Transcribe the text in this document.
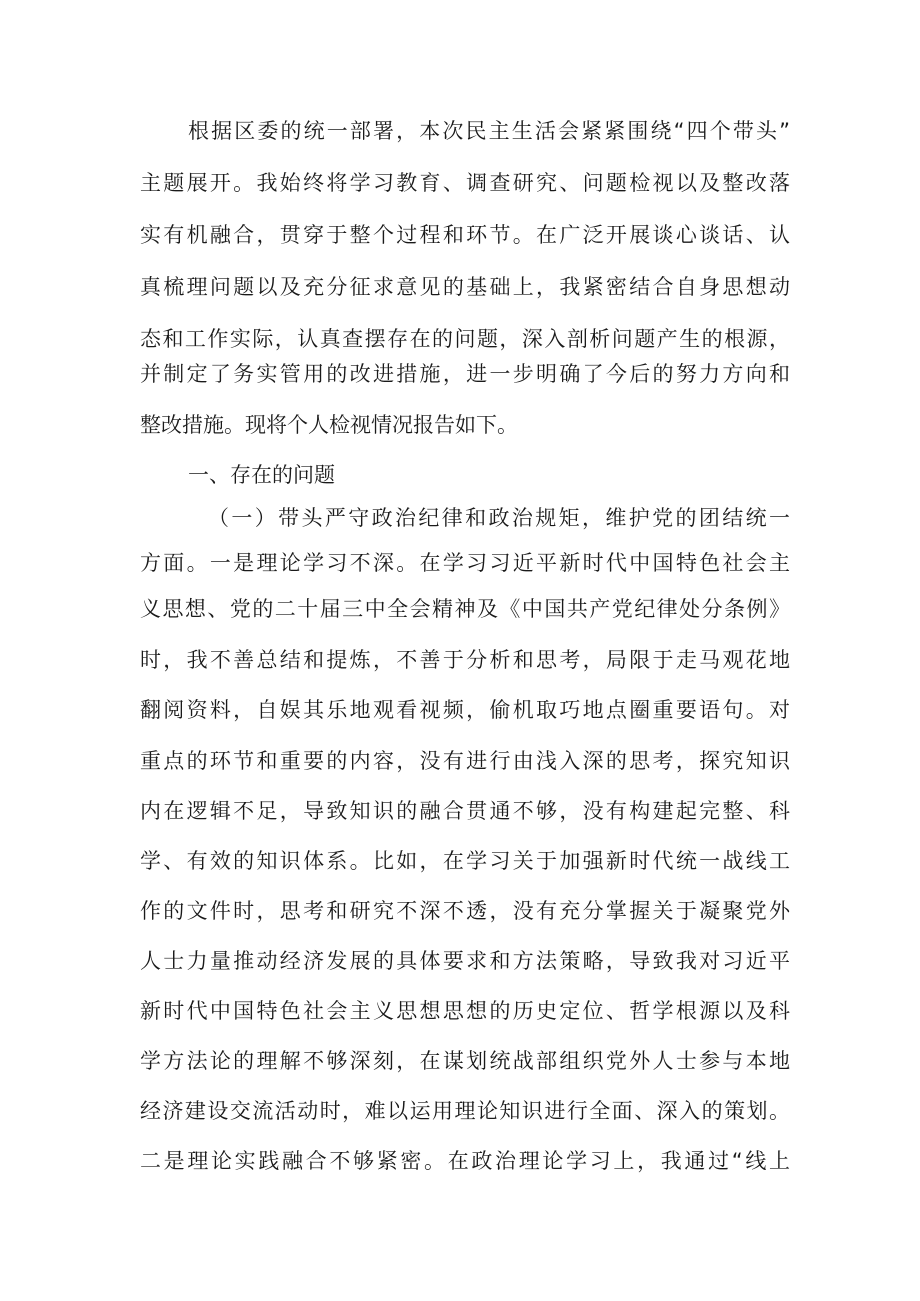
根据区委的统一部署，本次民主生活会紧紧围绕“四个带头”
主题展开。我始终将学习教育、调查研究、问题检视以及整改落
实有机融合，贯穿于整个过程和环节。在广泛开展谈心谈话、认
真梳理问题以及充分征求意见的基础上，我紧密结合自身思想动
态和工作实际，认真查摆存在的问题，深入剖析问题产生的根源，
并制定了务实管用的改进措施，进一步明确了今后的努力方向和
整改措施。现将个人检视情况报告如下。
一、存在的问题
（一）带头严守政治纪律和政治规矩，维护党的团结统一
方面。一是理论学习不深。在学习习近平新时代中国特色社会主
义思想、党的二十届三中全会精神及《中国共产党纪律处分条例》
时，我不善总结和提炼，不善于分析和思考，局限于走马观花地
翻阅资料，自娱其乐地观看视频，偷机取巧地点圈重要语句。对
重点的环节和重要的内容，没有进行由浅入深的思考，探究知识
内在逻辑不足，导致知识的融合贯通不够，没有构建起完整、科
学、有效的知识体系。比如，在学习关于加强新时代统一战线工
作的文件时，思考和研究不深不透，没有充分掌握关于凝聚党外
人士力量推动经济发展的具体要求和方法策略，导致我对习近平
新时代中国特色社会主义思想思想的历史定位、哲学根源以及科
学方法论的理解不够深刻，在谋划统战部组织党外人士参与本地
经济建设交流活动时，难以运用理论知识进行全面、深入的策划。
二是理论实践融合不够紧密。在政治理论学习上，我通过“线上
